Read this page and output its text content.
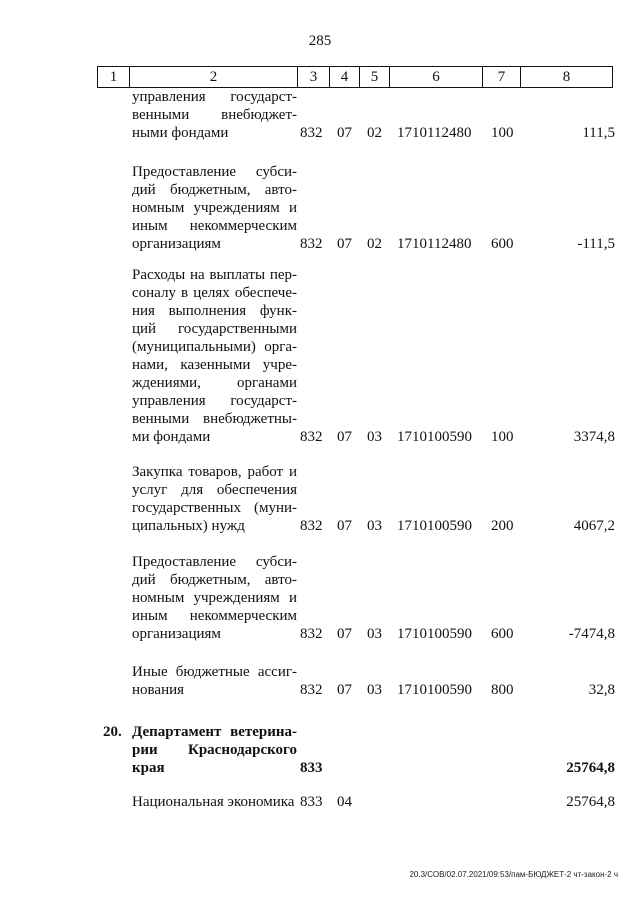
285
1	2	3	4	5	6	7	8
управления государст-
венными внебюджет-
ными фондами	832 07 02 1710112480 100	111,5
Предоставление субси-
дий бюджетным, авто-
номным учреждениям и
иным некоммерческим
организациям	832 07 02 1710112480 600	-111,5
Расходы на выплаты пер-
соналу в целях обеспече-
ния выполнения функ-
ций государственными
(муниципальными) орга-
нами, казенными учре-
ждениями, органами
управления государст-
венными внебюджетны-
ми фондами	832 07 03 1710100590 100	3374,8
Закупка товаров, работ и
услуг для обеспечения
государственных (муни-
ципальных) нужд	832 07 03 1710100590 200	4067,2
Предоставление субси-
дий бюджетным, авто-
номным учреждениям и
иным некоммерческим
организациям	832 07 03 1710100590 600	-7474,8
Иные бюджетные ассиг-
нования	832 07 03 1710100590 800	32,8
20. Департамент ветерина-
рии Краснодарского
края	833	25764,8
Национальная экономика 833 04	25764,8
20.3/СОВ/02.07.2021/09:53/пам-БЮДЖЕТ-2 чт-закон-2 ч
